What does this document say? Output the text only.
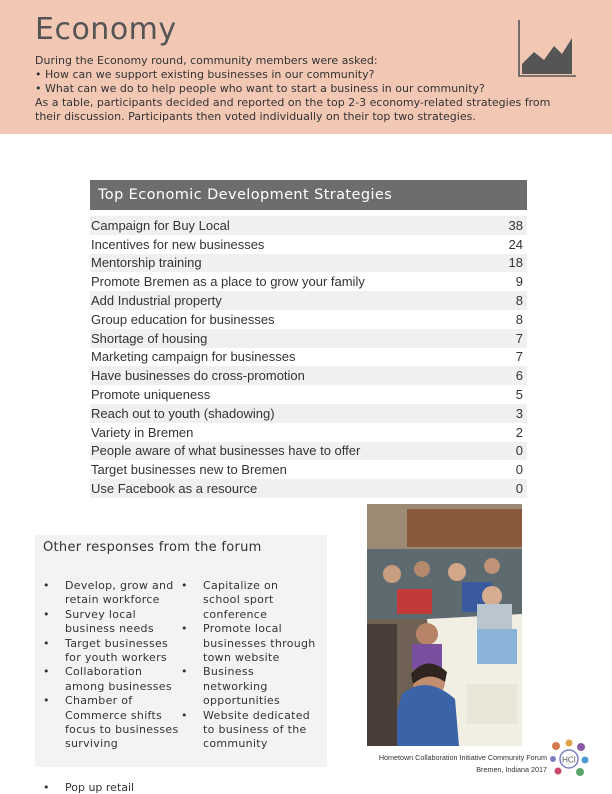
Economy
During the Economy round, community members were asked:
• How can we support existing businesses in our community?
• What can we do to help people who want to start a business in our community?
As a table, participants decided and reported on the top 2-3 economy-related strategies from
their discussion. Participants then voted individually on their top two strategies.
Top Economic Development Strategies
Campaign for Buy Local	38
Incentives for new businesses	24
Mentorship training	18
Promote Bremen as a place to grow your family	9
Add Industrial property	8
Group education for businesses	8
Shortage of housing	7
Marketing campaign for businesses	7
Have businesses do cross-promotion	6
Promote uniqueness	5
Reach out to youth (shadowing)	3
Variety in Bremen	2
People aware of what businesses have to offer	0
Target businesses new to Bremen	0
Use Facebook as a resource	0
Other responses from the forum
• Develop, grow and
retain workforce
• Survey local
business needs
• Target businesses
for youth workers
• Collaboration
among businesses
• Chamber of
Commerce shifts
focus to businesses
surviving
• Capitalize on
school sport
conference
• Promote local
businesses through
town website
• Business
networking
opportunities
• Website dedicated
to business of the
community
• Pop up retail
Hometown Collaboration Initiative Community Forum
Bremen, Indiana 2017
HCI
